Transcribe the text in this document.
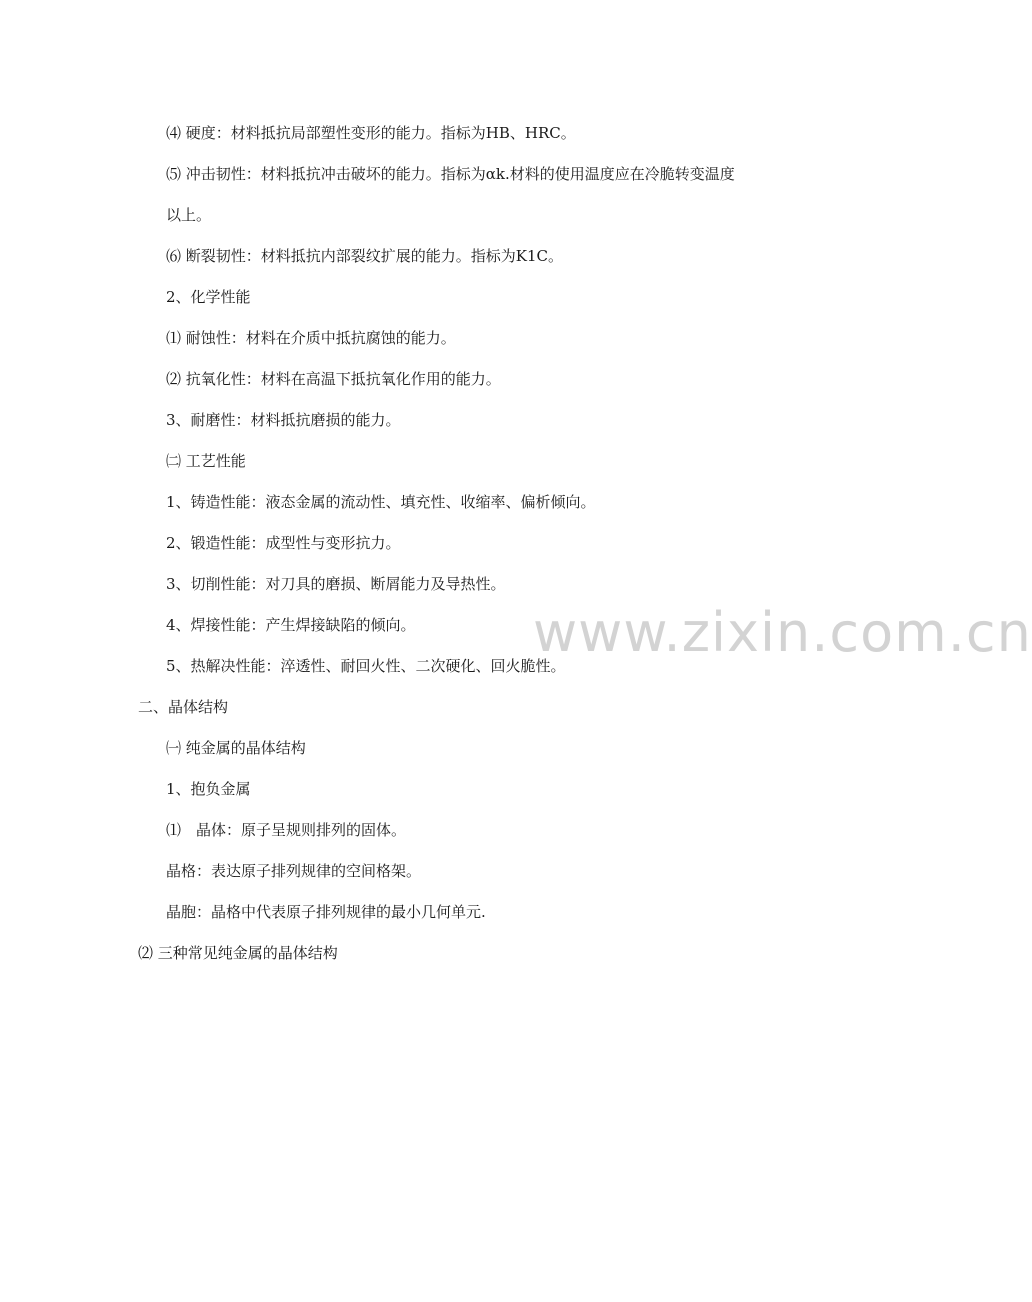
⑷ 硬度：材料抵抗局部塑性变形的能力。指标为HB、HRC。
⑸ 冲击韧性：材料抵抗冲击破坏的能力。指标为αk.材料的使用温度应在冷脆转变温度
以上。
⑹ 断裂韧性：材料抵抗内部裂纹扩展的能力。指标为K1C。
2、化学性能
⑴ 耐蚀性：材料在介质中抵抗腐蚀的能力。
⑵ 抗氧化性：材料在高温下抵抗氧化作用的能力。
3、耐磨性：材料抵抗磨损的能力。
㈡ 工艺性能
1、铸造性能：液态金属的流动性、填充性、收缩率、偏析倾向。
2、锻造性能：成型性与变形抗力。
3、切削性能：对刀具的磨损、断屑能力及导热性。
4、焊接性能：产生焊接缺陷的倾向。
5、热解决性能：淬透性、耐回火性、二次硬化、回火脆性。
二、晶体结构
㈠ 纯金属的晶体结构
1、抱负金属
⑴　晶体：原子呈规则排列的固体。
晶格：表达原子排列规律的空间格架。
晶胞：晶格中代表原子排列规律的最小几何单元.
⑵ 三种常见纯金属的晶体结构
www.zixin.com.cn
